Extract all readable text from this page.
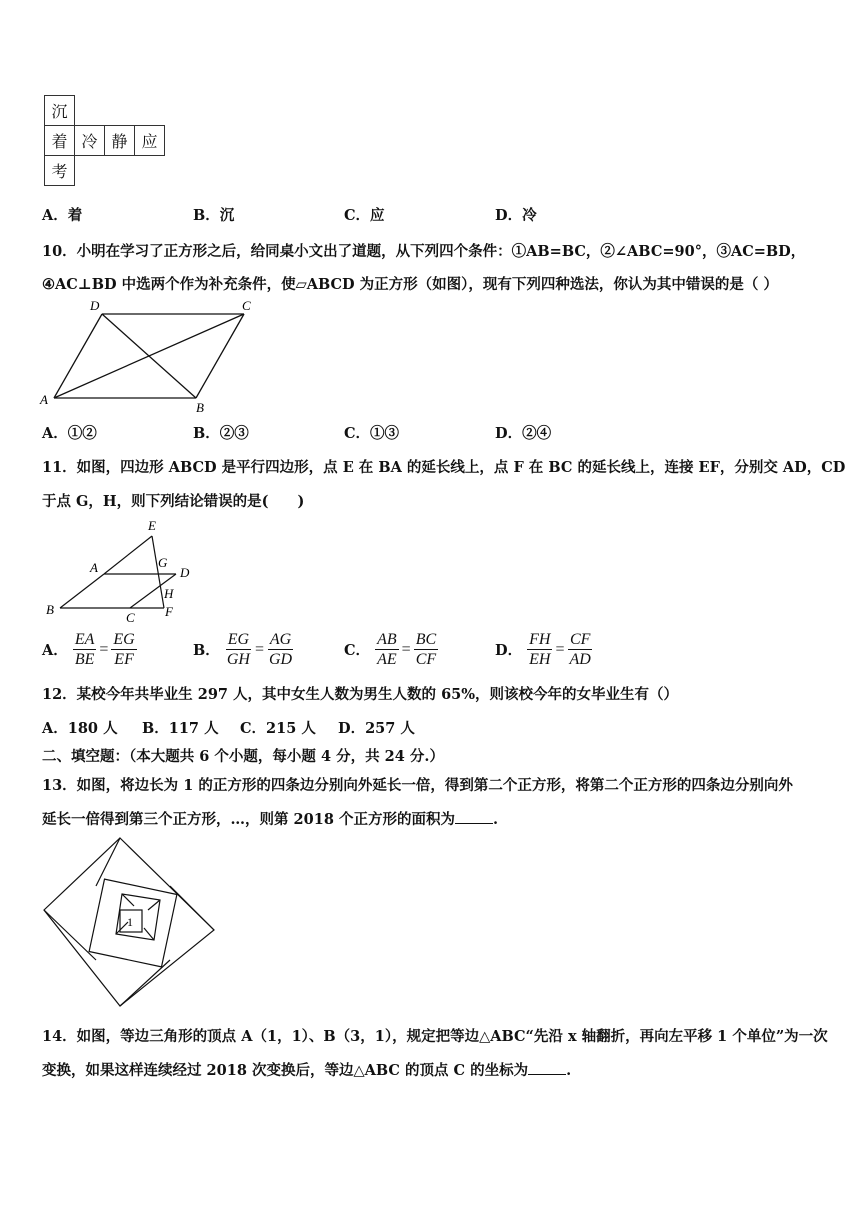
沉
着 冷 静 应
考
A．着	B．沉	C．应	D．冷
10．小明在学习了正方形之后，给同桌小文出了道题，从下列四个条件：①AB=BC，②∠ABC=90°，③AC=BD，
④AC⊥BD 中选两个作为补充条件，使▱ABCD 为正方形（如图），现有下列四种选法，你认为其中错误的是（ ）
D	C
A
B
A．①②	B．②③	C．①③	D．②④
11．如图，四边形 ABCD 是平行四边形，点 E 在 BA 的延长线上，点 F 在 BC 的延长线上，连接 EF，分别交 AD，CD
于点 G，H，则下列结论错误的是(　　)
E
A	G
D
H
B
C F
A． $\frac{EA}{BE} = \frac{EG}{EF}$	B． $\frac{EG}{GH} = \frac{AG}{GD}$	C． $\frac{AB}{AE} = \frac{BC}{CF}$	D． $\frac{FH}{EH} = \frac{CF}{AD}$
12．某校今年共毕业生 297 人，其中女生人数为男生人数的 65%，则该校今年的女毕业生有（）
A．180 人 B．117 人 C．215 人 D．257 人
二、填空题：（本大题共 6 个小题，每小题 4 分，共 24 分.）
13．如图，将边长为 1 的正方形的四条边分别向外延长一倍，得到第二个正方形，将第二个正方形的四条边分别向外
延长一倍得到第三个正方形，…，则第 2018 个正方形的面积为	.
1
14．如图，等边三角形的顶点 A（1，1）、B（3，1），规定把等边△ABC“先沿 x 轴翻折，再向左平移 1 个单位”为一次
变换，如果这样连续经过 2018 次变换后，等边△ABC 的顶点 C 的坐标为	.
